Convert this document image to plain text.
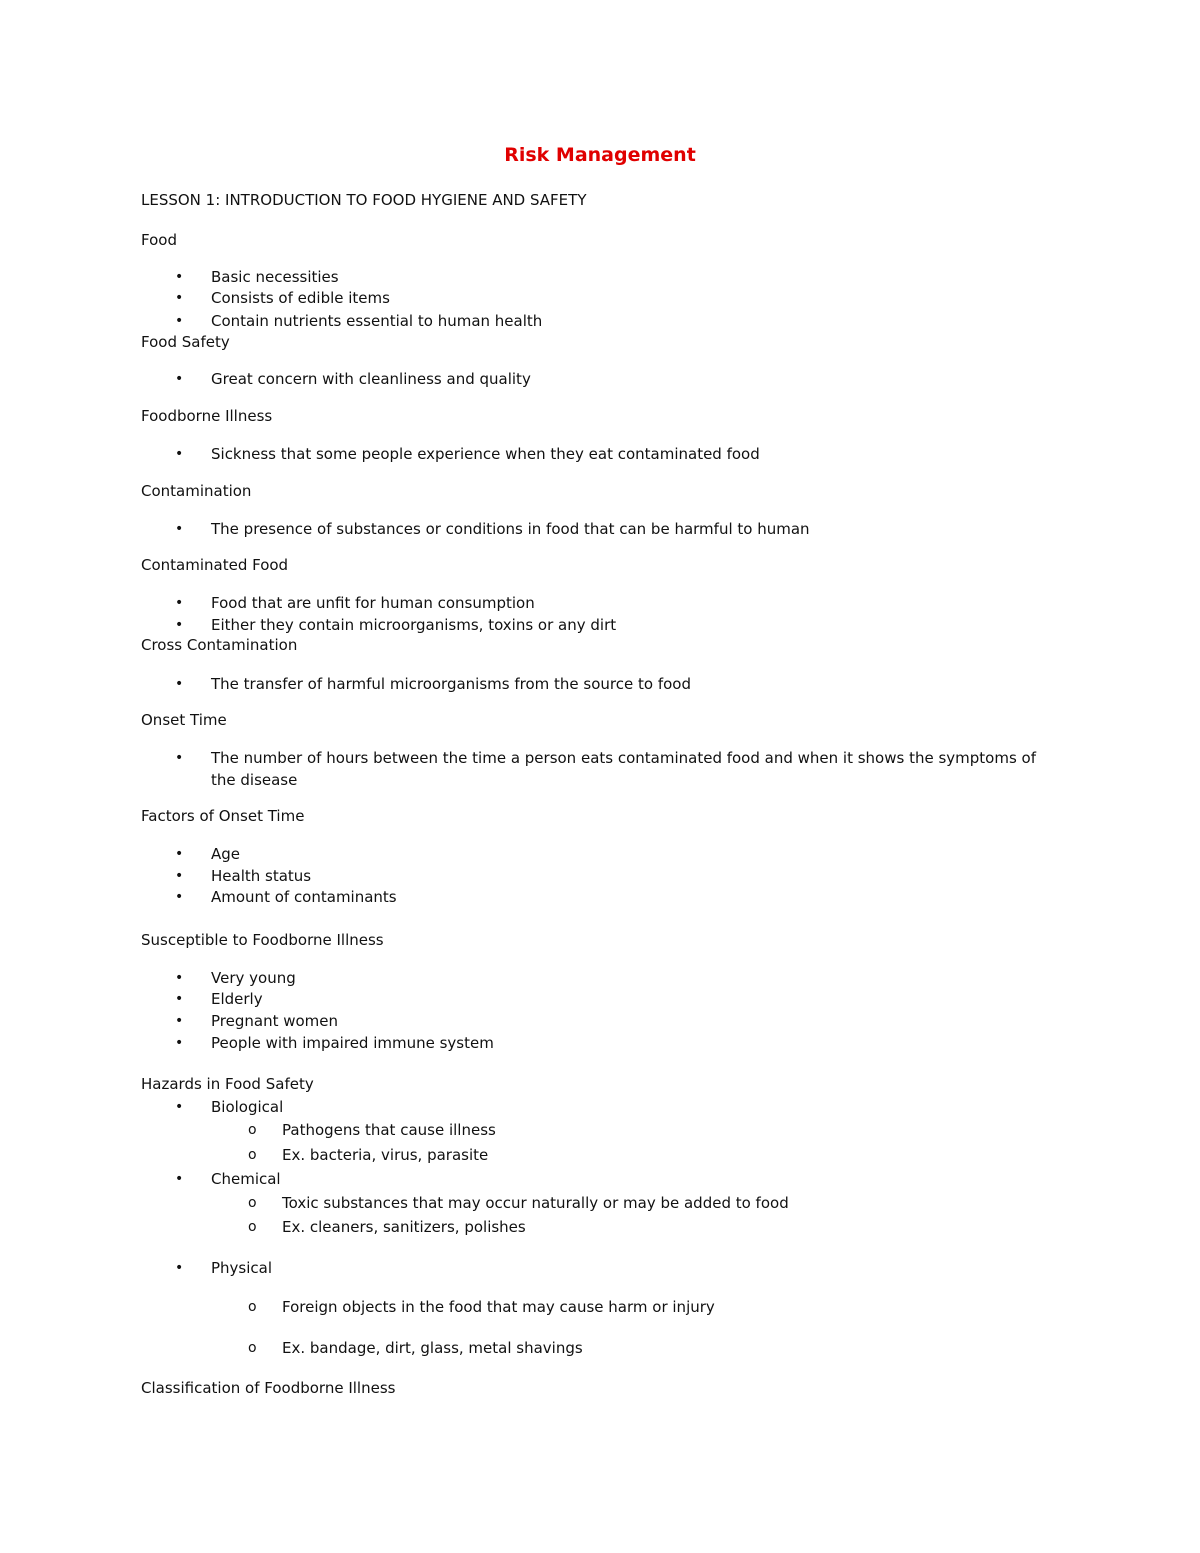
Risk Management
LESSON 1: INTRODUCTION TO FOOD HYGIENE AND SAFETY
Food
• Basic necessities
• Consists of edible items
• Contain nutrients essential to human health
Food Safety
• Great concern with cleanliness and quality
Foodborne Illness
• Sickness that some people experience when they eat contaminated food
Contamination
• The presence of substances or conditions in food that can be harmful to human
Contaminated Food
• Food that are unfit for human consumption
• Either they contain microorganisms, toxins or any dirt
Cross Contamination
• The transfer of harmful microorganisms from the source to food
Onset Time
• The number of hours between the time a person eats contaminated food and when it shows the symptoms of the disease
Factors of Onset Time
• Age
• Health status
• Amount of contaminants
Susceptible to Foodborne Illness
• Very young
• Elderly
• Pregnant women
• People with impaired immune system
Hazards in Food Safety
• Biological
o Pathogens that cause illness
o Ex. bacteria, virus, parasite
• Chemical
o Toxic substances that may occur naturally or may be added to food
o Ex. cleaners, sanitizers, polishes
• Physical
o Foreign objects in the food that may cause harm or injury
o Ex. bandage, dirt, glass, metal shavings
Classification of Foodborne Illness
